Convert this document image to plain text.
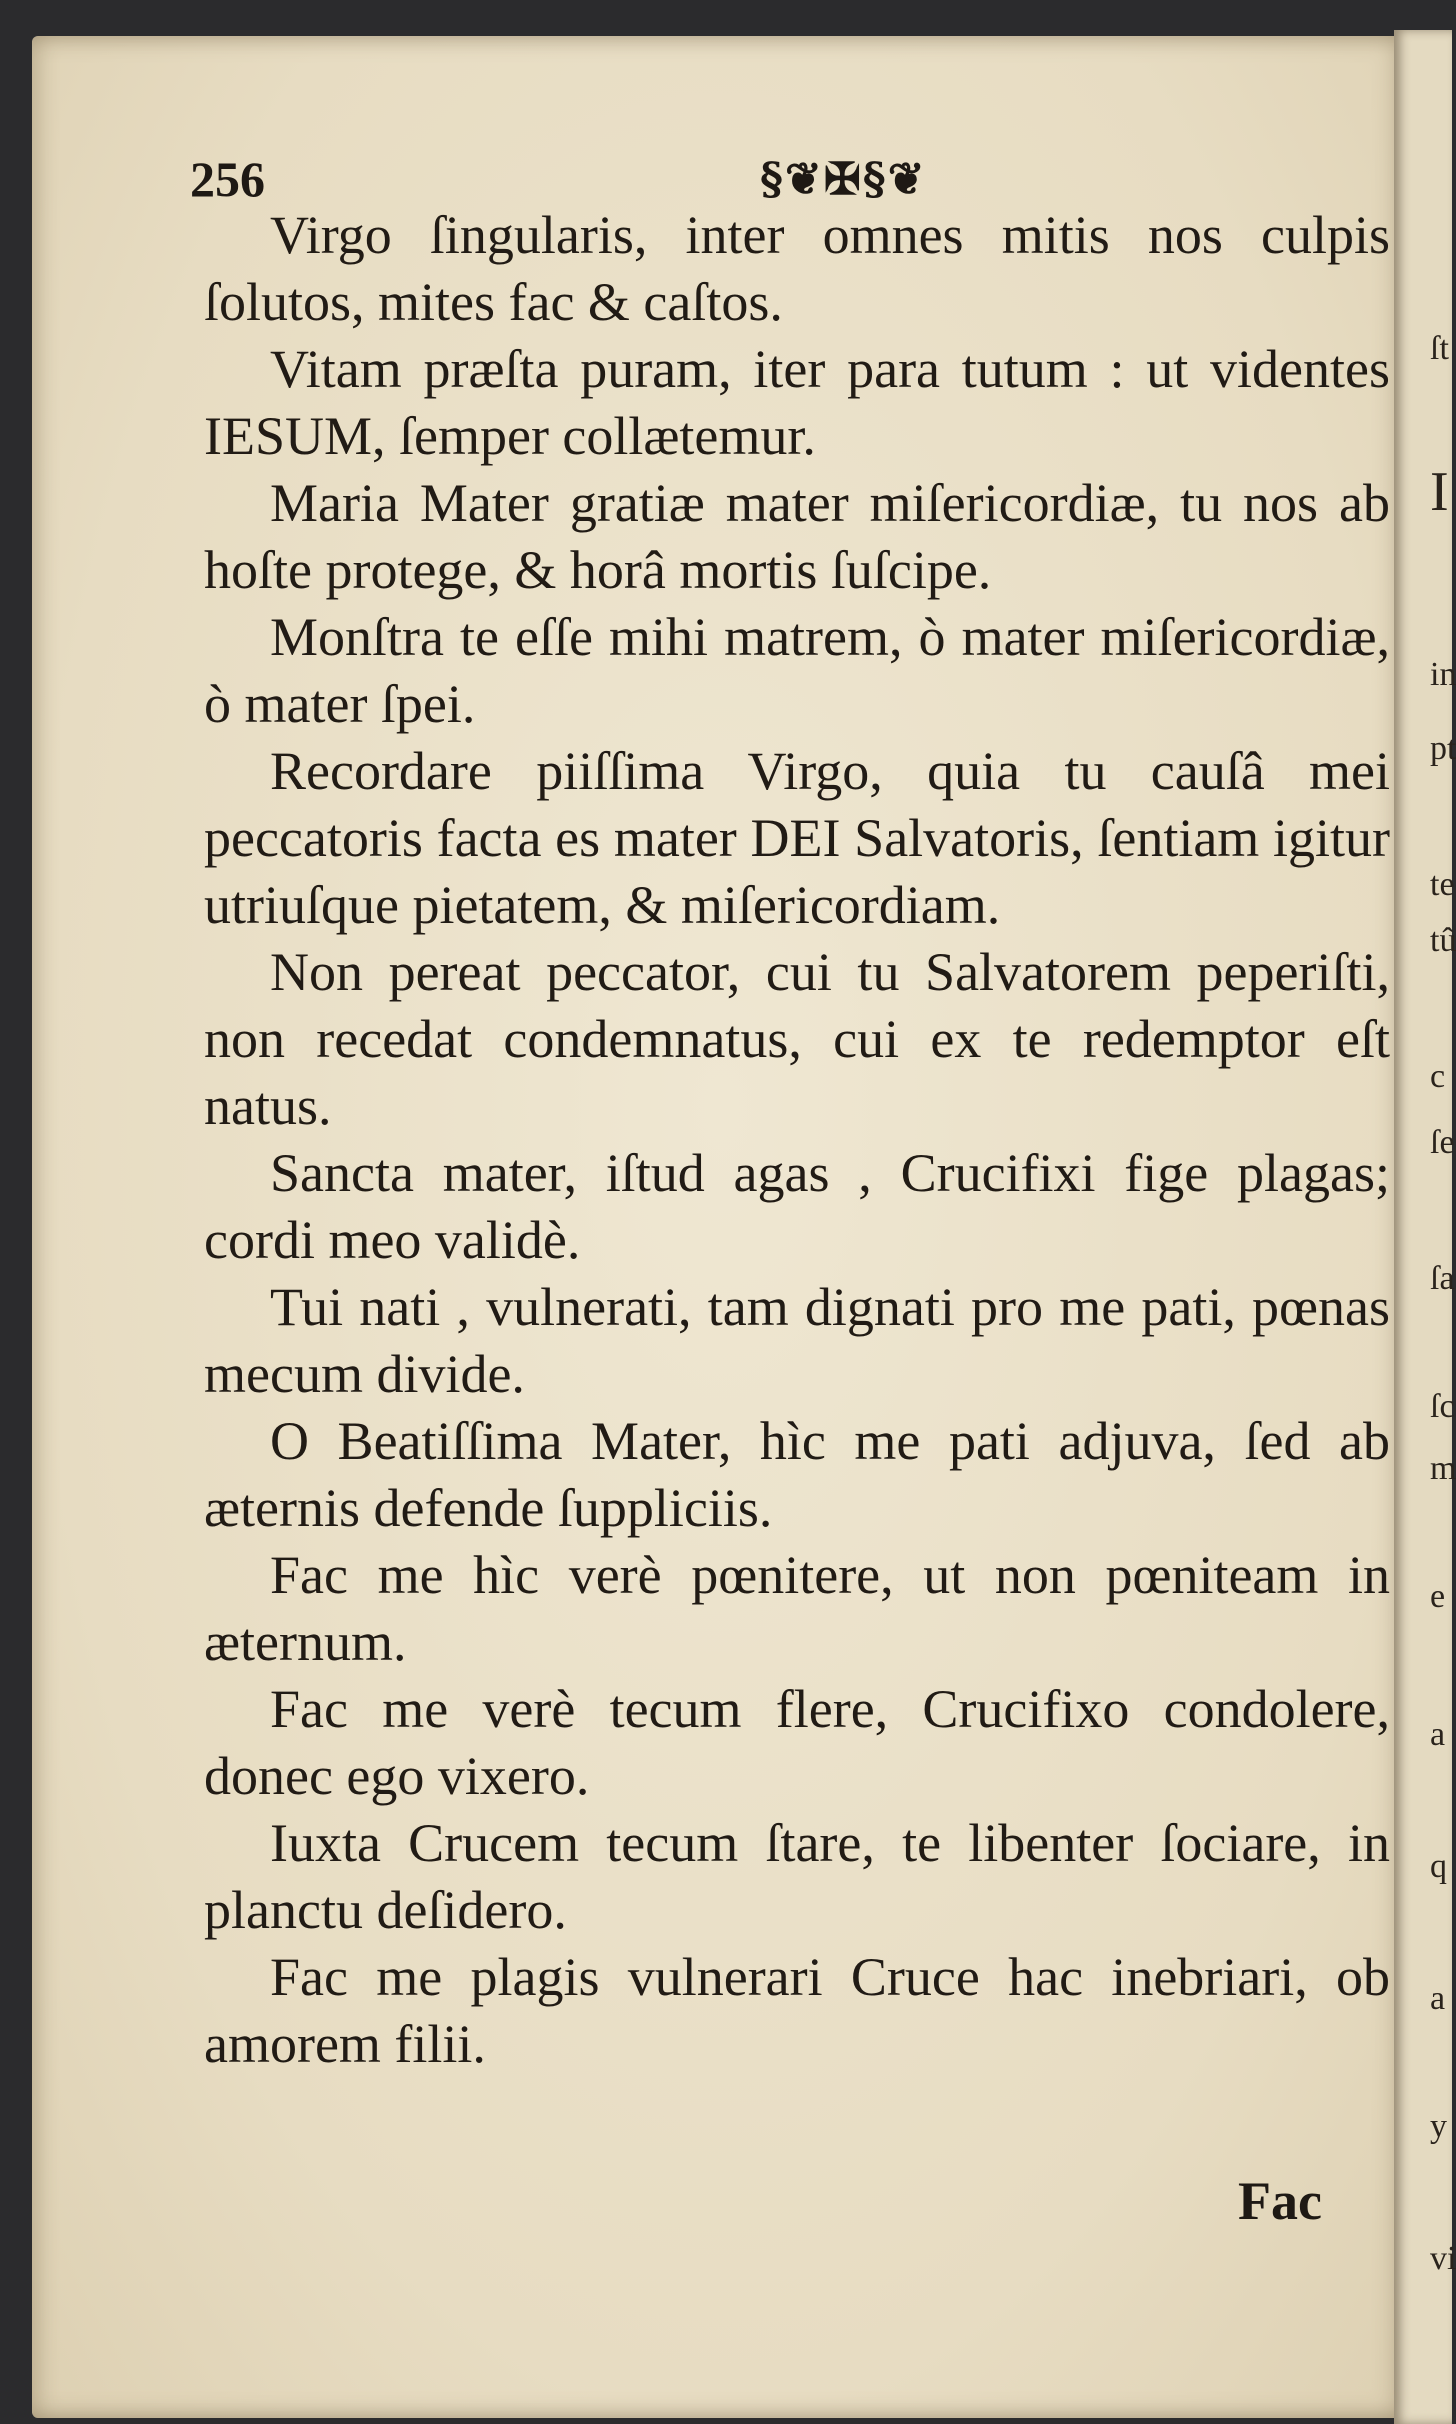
ſt
I
in
pt
te
tû
c
ſe
ſa
ſc
m
e
a
q
a
y
vi
256	§❦✠§❦

Virgo ſingularis, inter omnes mitis nos culpis ſolutos, mites fac & caſtos.

Vitam præſta puram, iter para tutum : ut videntes IESUM, ſemper collætemur.

Maria Mater gratiæ mater miſericordiæ, tu nos ab hoſte protege, & horâ mortis ſuſcipe.

Monſtra te eſſe mihi matrem, ò mater miſericordiæ, ò mater ſpei.

Recordare piiſſima Virgo, quia tu cauſâ mei peccatoris facta es mater DEI Salvatoris, ſentiam igitur utriuſque pietatem, & miſericordiam.

Non pereat peccator, cui tu Salvatorem peperiſti, non recedat condemnatus, cui ex te redemptor eſt natus.

Sancta mater, iſtud agas , Crucifixi fige plagas; cordi meo validè.

Tui nati , vulnerati, tam dignati pro me pati, pœnas mecum divide.

O Beatiſſima Mater, hìc me pati adjuva, ſed ab æternis defende ſuppliciis.

Fac me hìc verè pœnitere, ut non pœniteam in æternum.

Fac me verè tecum flere, Crucifixo condolere, donec ego vixero.

Iuxta Crucem tecum ſtare, te libenter ſociare, in planctu deſidero.

Fac me plagis vulnerari Cruce hac inebriari, ob amorem filii.

Fac
